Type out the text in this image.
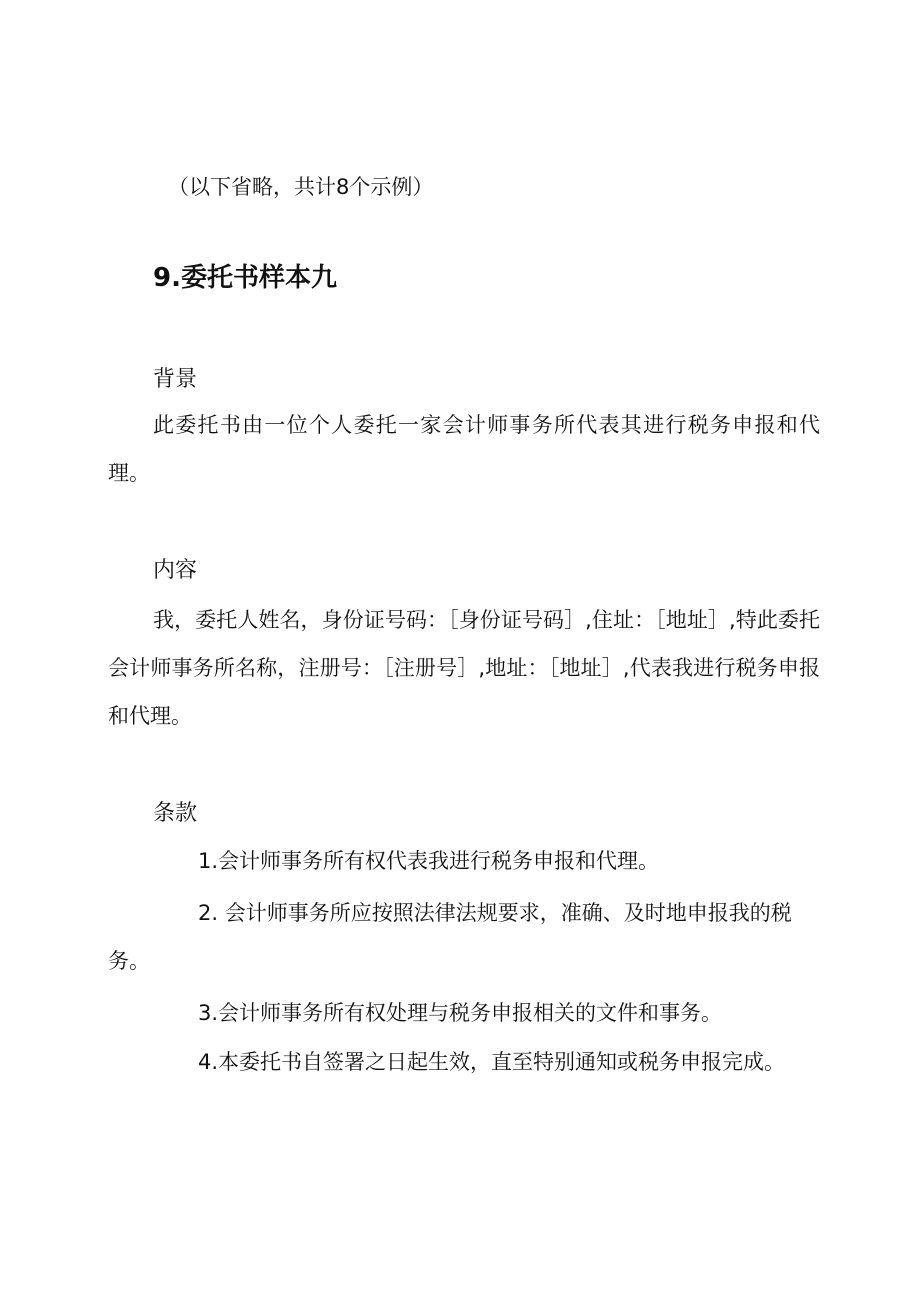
（以下省略，共计8个示例）
9.委托书样本九
背景

此委托书由一位个人委托一家会计师事务所代表其进行税务申报和代理。

内容

我，委托人姓名，身份证号码：［身份证号码］,住址：［地址］,特此委托会计师事务所名称，注册号：［注册号］,地址：［地址］,代表我进行税务申报和代理。

条款

1.会计师事务所有权代表我进行税务申报和代理。

2. 会计师事务所应按照法律法规要求，准确、及时地申报我的税务。

3.会计师事务所有权处理与税务申报相关的文件和事务。

4.本委托书自签署之日起生效，直至特别通知或税务申报完成。
